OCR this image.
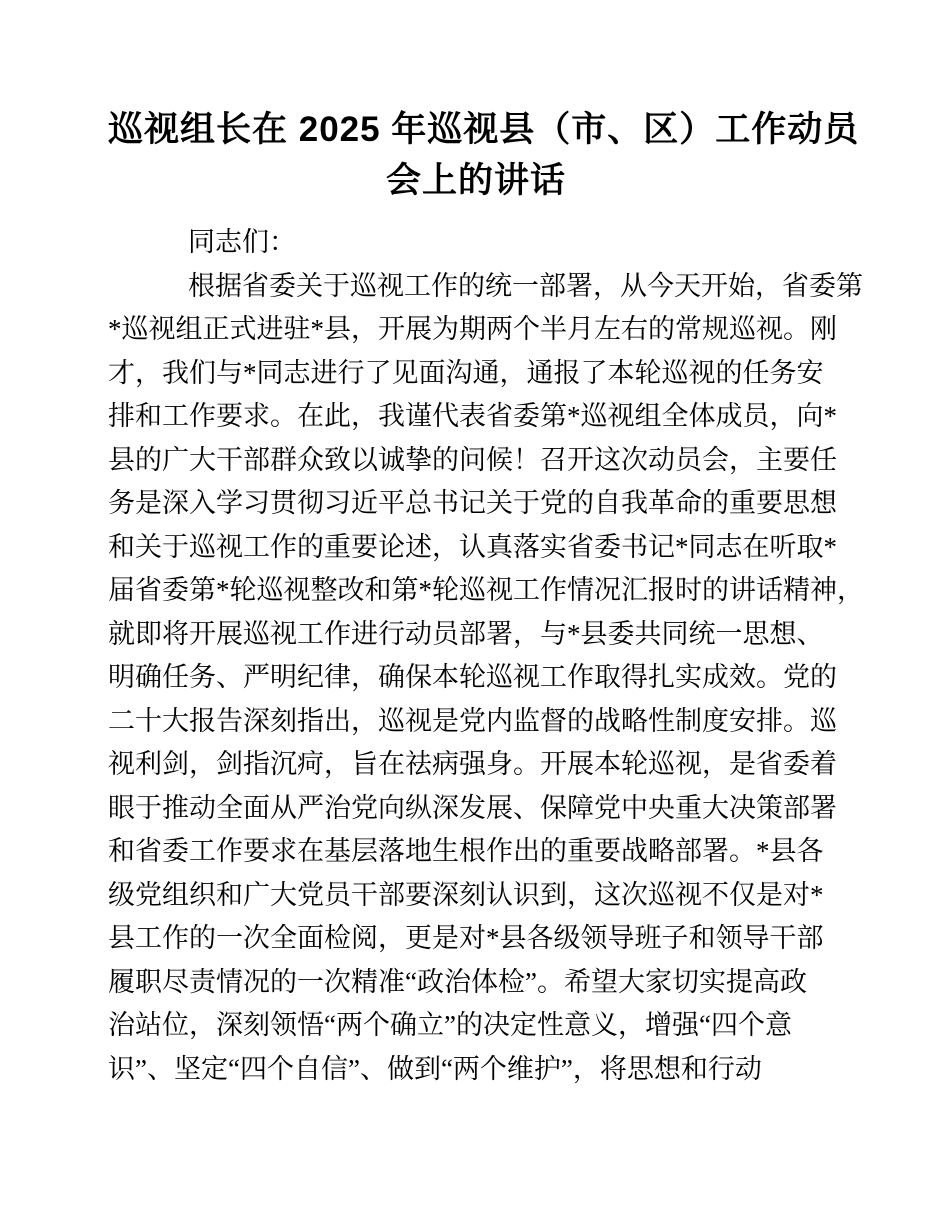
巡视组长在 2025 年巡视县（市、区）工作动员
会上的讲话
同志们：
根据省委关于巡视工作的统一部署，从今天开始，省委第
*巡视组正式进驻*县，开展为期两个半月左右的常规巡视。刚
才，我们与*同志进行了见面沟通，通报了本轮巡视的任务安
排和工作要求。在此，我谨代表省委第*巡视组全体成员，向*
县的广大干部群众致以诚挚的问候！召开这次动员会，主要任
务是深入学习贯彻习近平总书记关于党的自我革命的重要思想
和关于巡视工作的重要论述，认真落实省委书记*同志在听取*
届省委第*轮巡视整改和第*轮巡视工作情况汇报时的讲话精神，
就即将开展巡视工作进行动员部署，与*县委共同统一思想、
明确任务、严明纪律，确保本轮巡视工作取得扎实成效。党的
二十大报告深刻指出，巡视是党内监督的战略性制度安排。巡
视利剑，剑指沉疴，旨在祛病强身。开展本轮巡视，是省委着
眼于推动全面从严治党向纵深发展、保障党中央重大决策部署
和省委工作要求在基层落地生根作出的重要战略部署。*县各
级党组织和广大党员干部要深刻认识到，这次巡视不仅是对*
县工作的一次全面检阅，更是对*县各级领导班子和领导干部
履职尽责情况的一次精准“政治体检”。希望大家切实提高政
治站位，深刻领悟“两个确立”的决定性意义，增强“四个意
识”、坚定“四个自信”、做到“两个维护”，将思想和行动
